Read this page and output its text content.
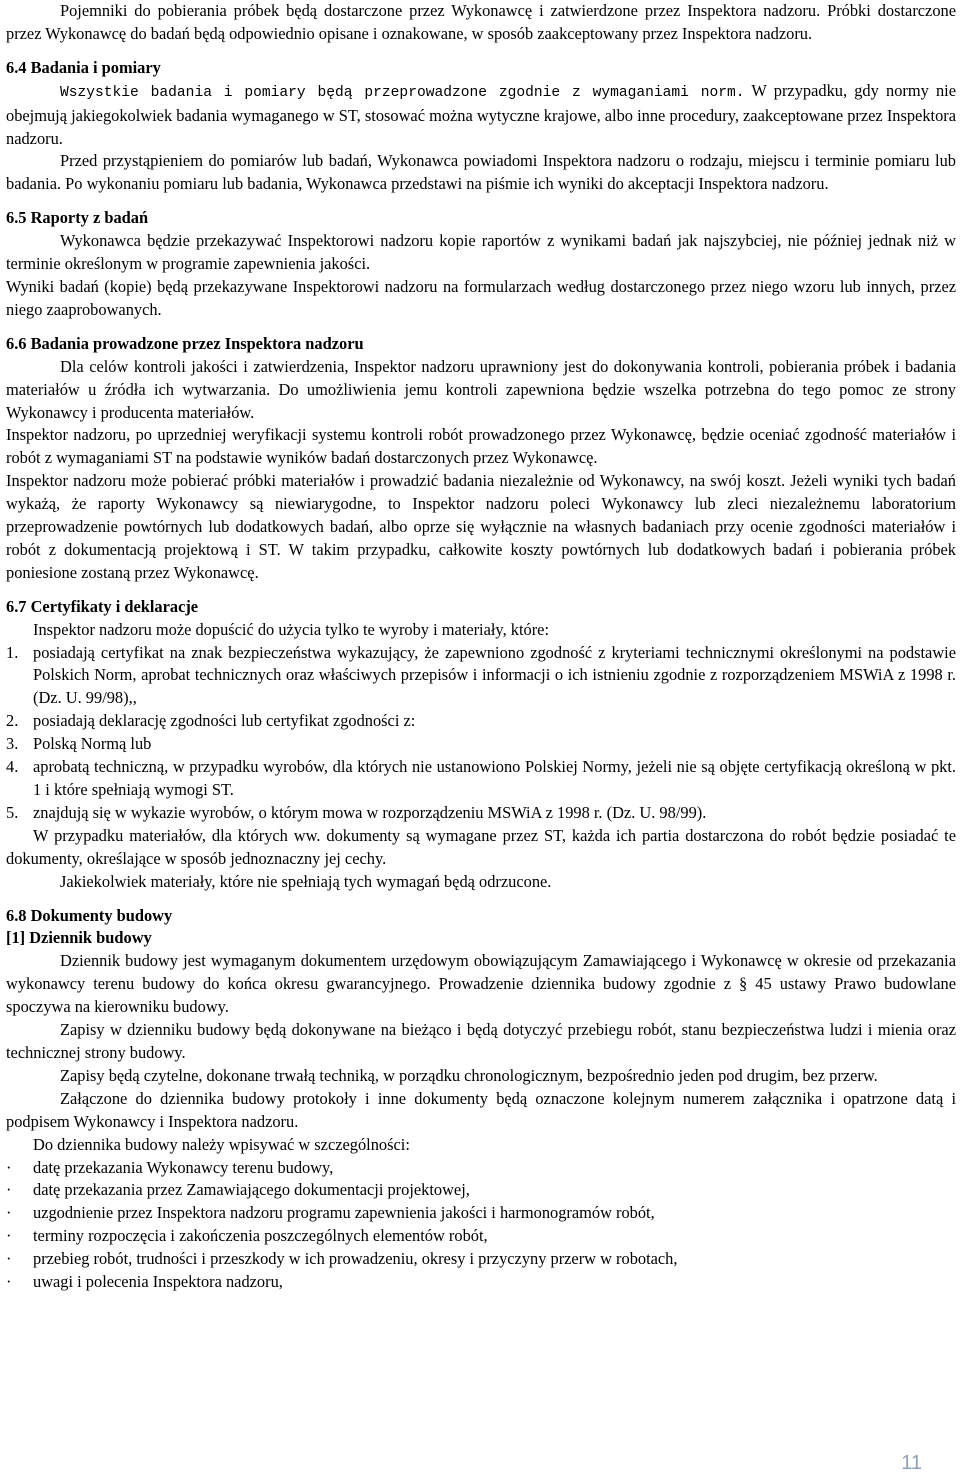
Pojemniki do pobierania próbek będą dostarczone przez Wykonawcę i zatwierdzone przez Inspektora nadzoru. Próbki dostarczone przez Wykonawcę do badań będą odpowiednio opisane i oznakowane, w sposób zaakceptowany przez Inspektora nadzoru.

6.4 Badania i pomiary

Wszystkie badania i pomiary będą przeprowadzone zgodnie z wymaganiami norm. W przypadku, gdy normy nie obejmują jakiegokolwiek badania wymaganego w ST, stosować można wytyczne krajowe, albo inne procedury, zaakceptowane przez Inspektora nadzoru.

Przed przystąpieniem do pomiarów lub badań, Wykonawca powiadomi Inspektora nadzoru o rodzaju, miejscu i terminie pomiaru lub badania. Po wykonaniu pomiaru lub badania, Wykonawca przedstawi na piśmie ich wyniki do akceptacji Inspektora nadzoru.

6.5 Raporty z badań

Wykonawca będzie przekazywać Inspektorowi nadzoru kopie raportów z wynikami badań jak najszybciej, nie później jednak niż w terminie określonym w programie zapewnienia jakości.

Wyniki badań (kopie) będą przekazywane Inspektorowi nadzoru na formularzach według dostarczonego przez niego wzoru lub innych, przez niego zaaprobowanych.

6.6 Badania prowadzone przez Inspektora nadzoru

Dla celów kontroli jakości i zatwierdzenia, Inspektor nadzoru uprawniony jest do dokonywania kontroli, pobierania próbek i badania materiałów u źródła ich wytwarzania. Do umożliwienia jemu kontroli zapewniona będzie wszelka potrzebna do tego pomoc ze strony Wykonawcy i producenta materiałów.

Inspektor nadzoru, po uprzedniej weryfikacji systemu kontroli robót prowadzonego przez Wykonawcę, będzie oceniać zgodność materiałów i robót z wymaganiami ST na podstawie wyników badań dostarczonych przez Wykonawcę.

Inspektor nadzoru może pobierać próbki materiałów i prowadzić badania niezależnie od Wykonawcy, na swój koszt. Jeżeli wyniki tych badań wykażą, że raporty Wykonawcy są niewiarygodne, to Inspektor nadzoru poleci Wykonawcy lub zleci niezależnemu laboratorium przeprowadzenie powtórnych lub dodatkowych badań, albo oprze się wyłącznie na własnych badaniach przy ocenie zgodności materiałów i robót z dokumentacją projektową i ST. W takim przypadku, całkowite koszty powtórnych lub dodatkowych badań i pobierania próbek poniesione zostaną przez Wykonawcę.

6.7 Certyfikaty i deklaracje

Inspektor nadzoru może dopuścić do użycia tylko te wyroby i materiały, które:

1. posiadają certyfikat na znak bezpieczeństwa wykazujący, że zapewniono zgodność z kryteriami technicznymi określonymi na podstawie Polskich Norm, aprobat technicznych oraz właściwych przepisów i informacji o ich istnieniu zgodnie z rozporządzeniem MSWiA z 1998 r. (Dz. U. 99/98),,
2. posiadają deklarację zgodności lub certyfikat zgodności z:
3. Polską Normą lub
4. aprobatą techniczną, w przypadku wyrobów, dla których nie ustanowiono Polskiej Normy, jeżeli nie są objęte certyfikacją określoną w pkt. 1 i które spełniają wymogi ST.
5. znajdują się w wykazie wyrobów, o którym mowa w rozporządzeniu MSWiA z 1998 r. (Dz. U. 98/99).

W przypadku materiałów, dla których ww. dokumenty są wymagane przez ST, każda ich partia dostarczona do robót będzie posiadać te dokumenty, określające w sposób jednoznaczny jej cechy.

Jakiekolwiek materiały, które nie spełniają tych wymagań będą odrzucone.

6.8 Dokumenty budowy
[1] Dziennik budowy

Dziennik budowy jest wymaganym dokumentem urzędowym obowiązującym Zamawiającego i Wykonawcę w okresie od przekazania wykonawcy terenu budowy do końca okresu gwarancyjnego. Prowadzenie dziennika budowy zgodnie z § 45 ustawy Prawo budowlane spoczywa na kierowniku budowy.

Zapisy w dzienniku budowy będą dokonywane na bieżąco i będą dotyczyć przebiegu robót, stanu bezpieczeństwa ludzi i mienia oraz technicznej strony budowy.

Zapisy będą czytelne, dokonane trwałą techniką, w porządku chronologicznym, bezpośrednio jeden pod drugim, bez przerw.

Załączone do dziennika budowy protokoły i inne dokumenty będą oznaczone kolejnym numerem załącznika i opatrzone datą i podpisem Wykonawcy i Inspektora nadzoru.

Do dziennika budowy należy wpisywać w szczególności:

·	datę przekazania Wykonawcy terenu budowy,
·	datę przekazania przez Zamawiającego dokumentacji projektowej,
·	uzgodnienie przez Inspektora nadzoru programu zapewnienia jakości i harmonogramów robót,
·	terminy rozpoczęcia i zakończenia poszczególnych elementów robót,
·	przebieg robót, trudności i przeszkody w ich prowadzeniu, okresy i przyczyny przerw w robotach,
·	uwagi i polecenia Inspektora nadzoru,
11
